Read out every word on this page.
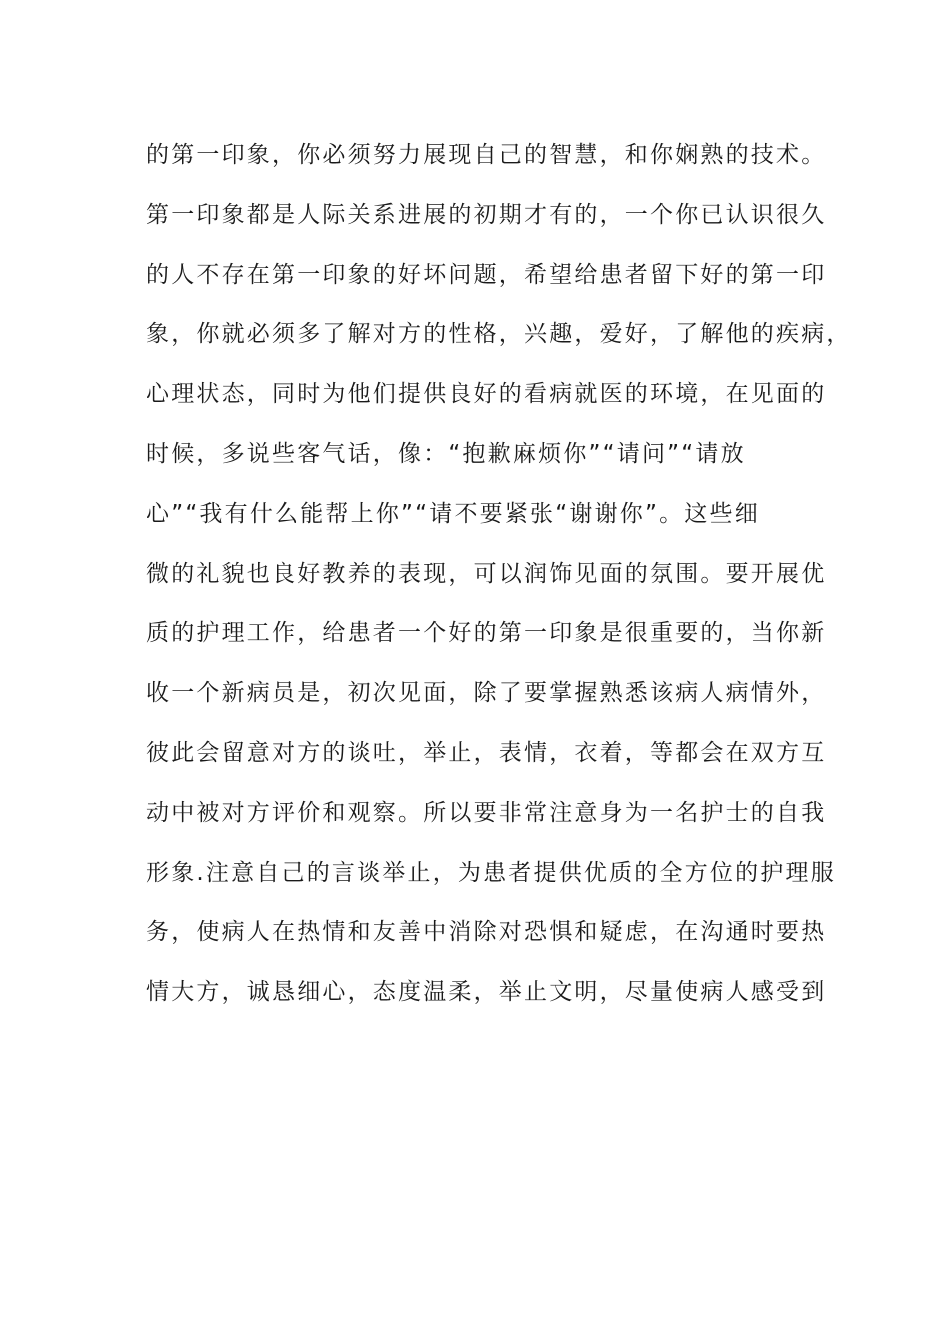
的第一印象，你必须努力展现自己的智慧，和你娴熟的技术。
第一印象都是人际关系进展的初期才有的，一个你已认识很久
的人不存在第一印象的好坏问题，希望给患者留下好的第一印
象，你就必须多了解对方的性格，兴趣，爱好，了解他的疾病，
心理状态，同时为他们提供良好的看病就医的环境，在见面的
时候，多说些客气话，像：“抱歉麻烦你”“请问”“请放
心”“我有什么能帮上你”“请不要紧张“谢谢你”。这些细
微的礼貌也良好教养的表现，可以润饰见面的氛围。要开展优
质的护理工作，给患者一个好的第一印象是很重要的，当你新
收一个新病员是，初次见面，除了要掌握熟悉该病人病情外，
彼此会留意对方的谈吐，举止，表情，衣着，等都会在双方互
动中被对方评价和观察。所以要非常注意身为一名护士的自我
形象.注意自己的言谈举止，为患者提供优质的全方位的护理服
务，使病人在热情和友善中消除对恐惧和疑虑，在沟通时要热
情大方，诚恳细心，态度温柔，举止文明，尽量使病人感受到
